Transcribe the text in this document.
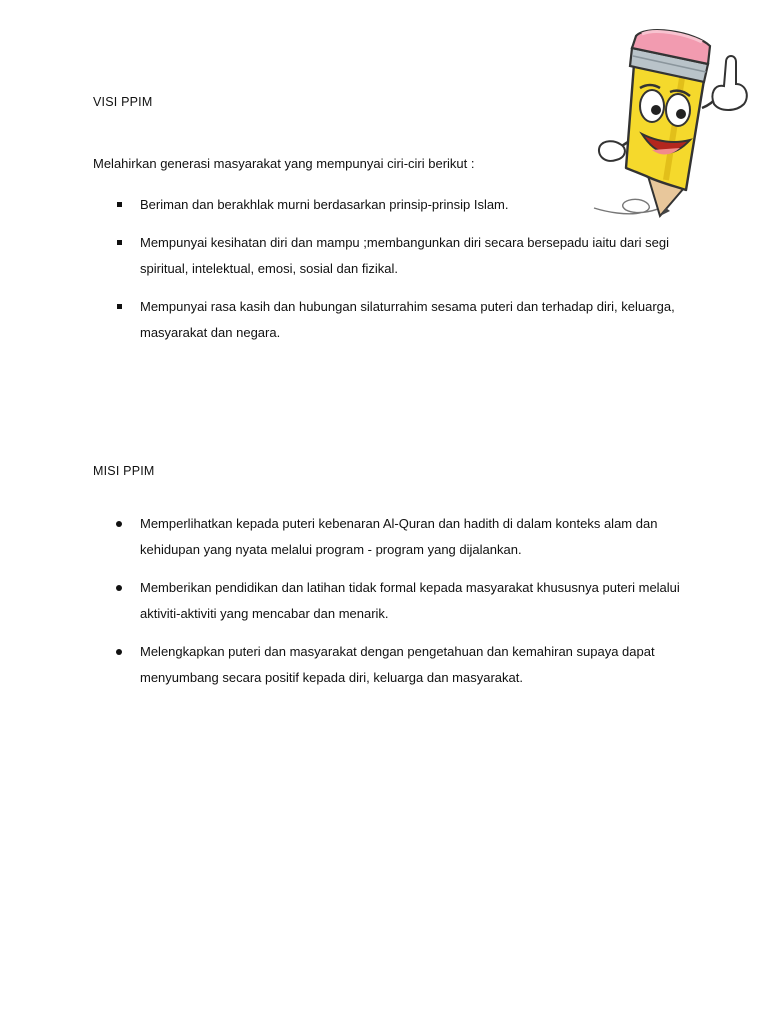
VISI PPIM
Melahirkan generasi masyarakat yang mempunyai ciri-ciri berikut :
Beriman dan berakhlak murni berdasarkan prinsip-prinsip Islam.
Mempunyai kesihatan diri dan mampu ;membangunkan diri secara bersepadu iaitu dari segi spiritual, intelektual, emosi, sosial dan fizikal.
Mempunyai rasa kasih dan hubungan silaturrahim sesama puteri dan terhadap diri, keluarga, masyarakat dan negara.
MISI PPIM
Memperlihatkan kepada puteri kebenaran Al-Quran dan hadith di dalam konteks alam dan kehidupan yang nyata melalui program - program yang dijalankan.
Memberikan pendidikan dan latihan tidak formal kepada masyarakat khususnya puteri melalui aktiviti-aktiviti yang mencabar dan menarik.
Melengkapkan puteri dan masyarakat dengan pengetahuan dan kemahiran supaya dapat menyumbang secara positif kepada diri, keluarga dan masyarakat.
